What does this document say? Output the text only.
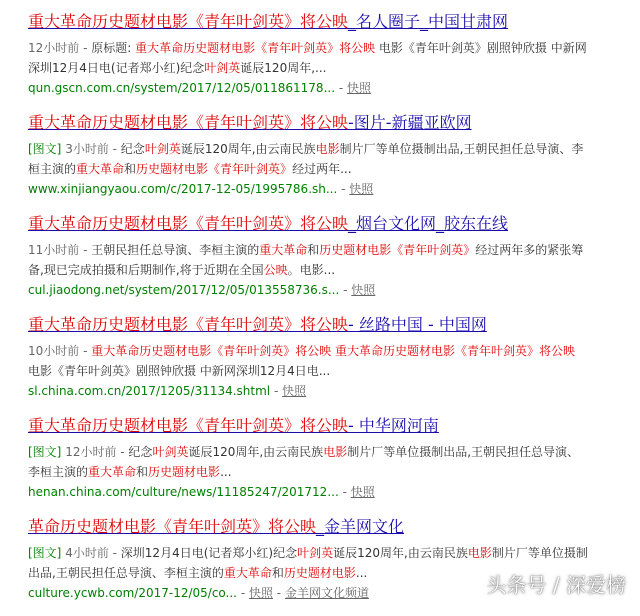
重大革命历史题材电影《青年叶剑英》将公映_名人圈子_中国甘肃网
12小时前 - 原标题: 重大革命历史题材电影《青年叶剑英》将公映 电影《青年叶剑英》剧照钟欣摄 中新网深圳12月4日电(记者郑小红)纪念叶剑英诞辰120周年,...
qun.gscn.com.cn/system/2017/12/05/011861178... - 快照
重大革命历史题材电影《青年叶剑英》将公映-图片-新疆亚欧网
[图文] 3小时前 - 纪念叶剑英诞辰120周年,由云南民族电影制片厂等单位摄制出品,王朝民担任总导演、李桓主演的重大革命和历史题材电影《青年叶剑英》经过两年...
www.xinjiangyaou.com/c/2017-12-05/1995786.sh... - 快照
重大革命历史题材电影《青年叶剑英》将公映_烟台文化网_胶东在线
11小时前 - 王朝民担任总导演、李桓主演的重大革命和历史题材电影《青年叶剑英》经过两年多的紧张筹备,现已完成拍摄和后期制作,将于近期在全国公映。电影...
cul.jiaodong.net/system/2017/12/05/013558736.s... - 快照
重大革命历史题材电影《青年叶剑英》将公映- 丝路中国 - 中国网
10小时前 - 重大革命历史题材电影《青年叶剑英》将公映 重大革命历史题材电影《青年叶剑英》将公映 电影《青年叶剑英》剧照钟欣摄 中新网深圳12月4日电...
sl.china.com.cn/2017/1205/31134.shtml - 快照
重大革命历史题材电影《青年叶剑英》将公映- 中华网河南
[图文] 12小时前 - 纪念叶剑英诞辰120周年,由云南民族电影制片厂等单位摄制出品,王朝民担任总导演、李桓主演的重大革命和历史题材电影...
henan.china.com/culture/news/11185247/201712... - 快照
革命历史题材电影《青年叶剑英》将公映_金羊网文化
[图文] 4小时前 - 深圳12月4日电(记者郑小红)纪念叶剑英诞辰120周年,由云南民族电影制片厂等单位摄制出品,王朝民担任总导演、李桓主演的重大革命和历史题材电影...
culture.ycwb.com/2017-12/05/co... - 快照 - 金羊网文化频道	头条号 / 深爱榜
